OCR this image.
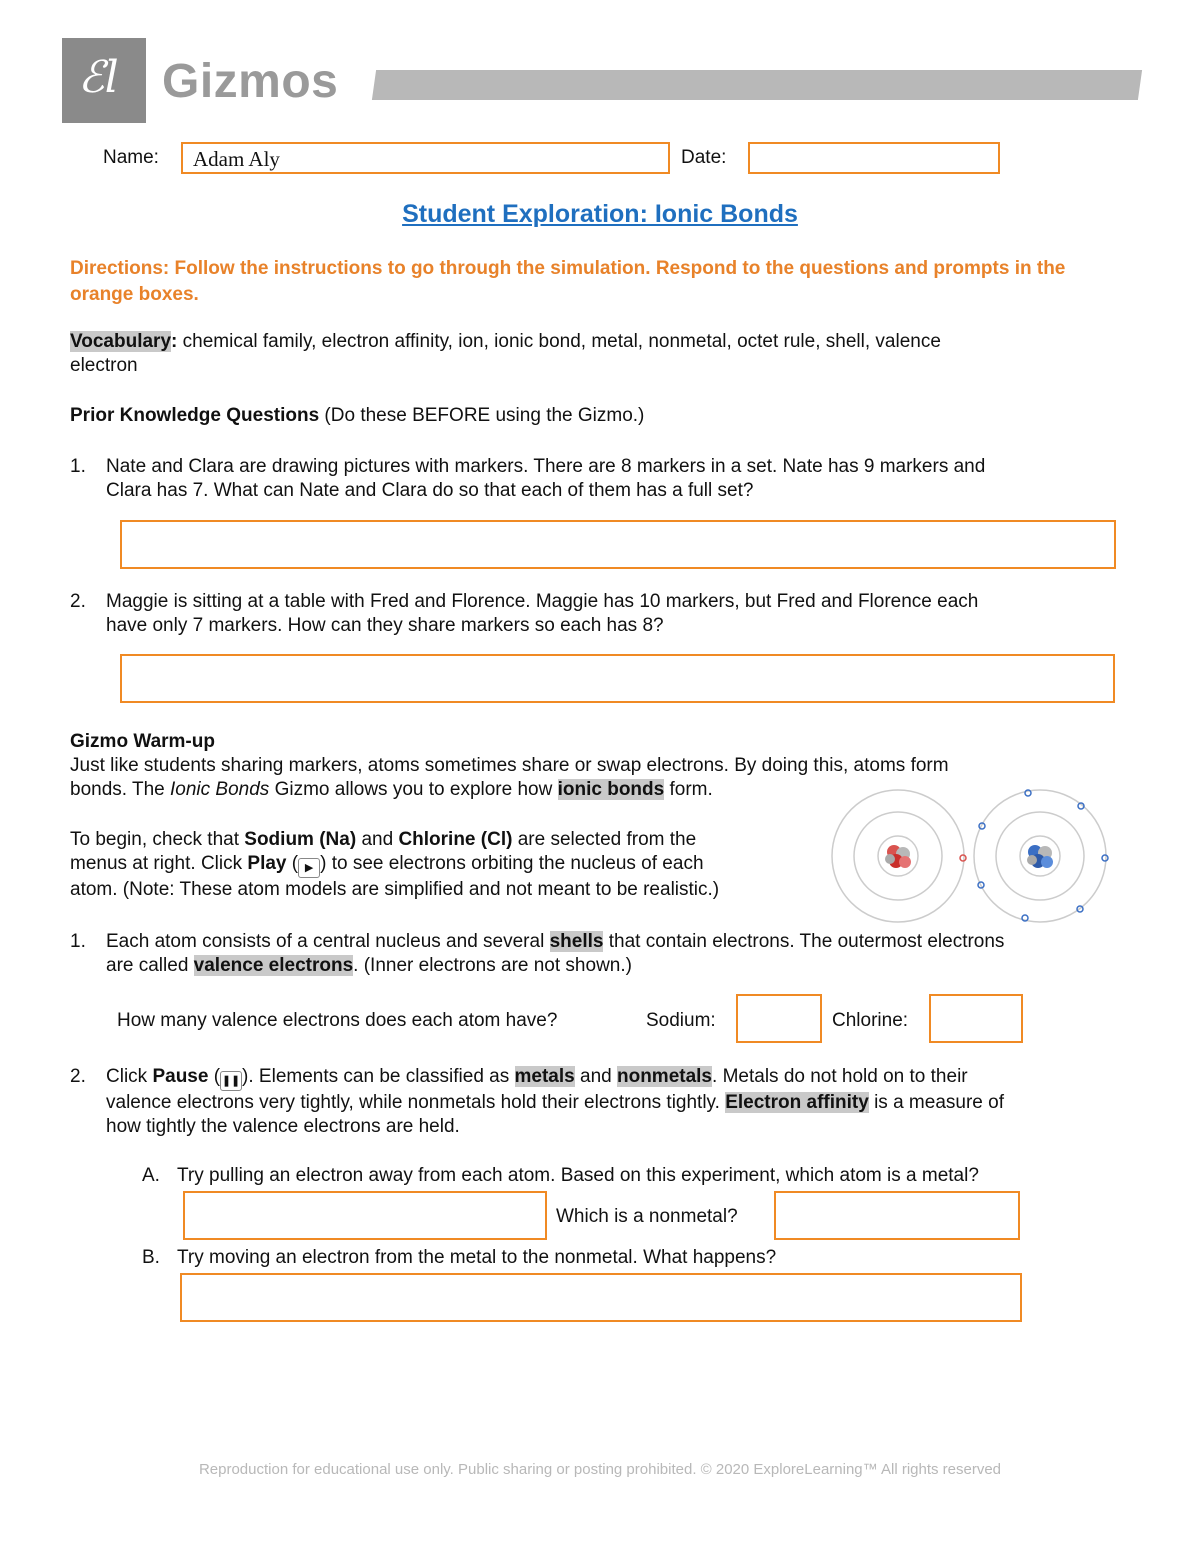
ℰl Gizmos
Name: Adam Aly	Date:
Student Exploration: Ionic Bonds
Directions: Follow the instructions to go through the simulation. Respond to the questions and prompts in the orange boxes.
Vocabulary: chemical family, electron affinity, ion, ionic bond, metal, nonmetal, octet rule, shell, valence
electron
Prior Knowledge Questions (Do these BEFORE using the Gizmo.)
1. Nate and Clara are drawing pictures with markers. There are 8 markers in a set. Nate has 9 markers and
Clara has 7. What can Nate and Clara do so that each of them has a full set?
2. Maggie is sitting at a table with Fred and Florence. Maggie has 10 markers, but Fred and Florence each
have only 7 markers. How can they share markers so each has 8?
Gizmo Warm-up
Just like students sharing markers, atoms sometimes share or swap electrons. By doing this, atoms form
bonds. The Ionic Bonds Gizmo allows you to explore how ionic bonds form.
To begin, check that Sodium (Na) and Chlorine (Cl) are selected from the
menus at right. Click Play ( ▶ ) to see electrons orbiting the nucleus of each
atom. (Note: These atom models are simplified and not meant to be realistic.)
1. Each atom consists of a central nucleus and several shells that contain electrons. The outermost electrons
are called valence electrons. (Inner electrons are not shown.)
How many valence electrons does each atom have?	Sodium:	Chlorine:
2. Click Pause ( ❚❚). Elements can be classified as metals and nonmetals. Metals do not hold on to their
valence electrons very tightly, while nonmetals hold their electrons tightly. Electron affinity is a measure of
how tightly the valence electrons are held.
A. Try pulling an electron away from each atom. Based on this experiment, which atom is a metal?
Which is a nonmetal?
B. Try moving an electron from the metal to the nonmetal. What happens?
Reproduction for educational use only. Public sharing or posting prohibited. © 2020 ExploreLearning™ All rights reserved
